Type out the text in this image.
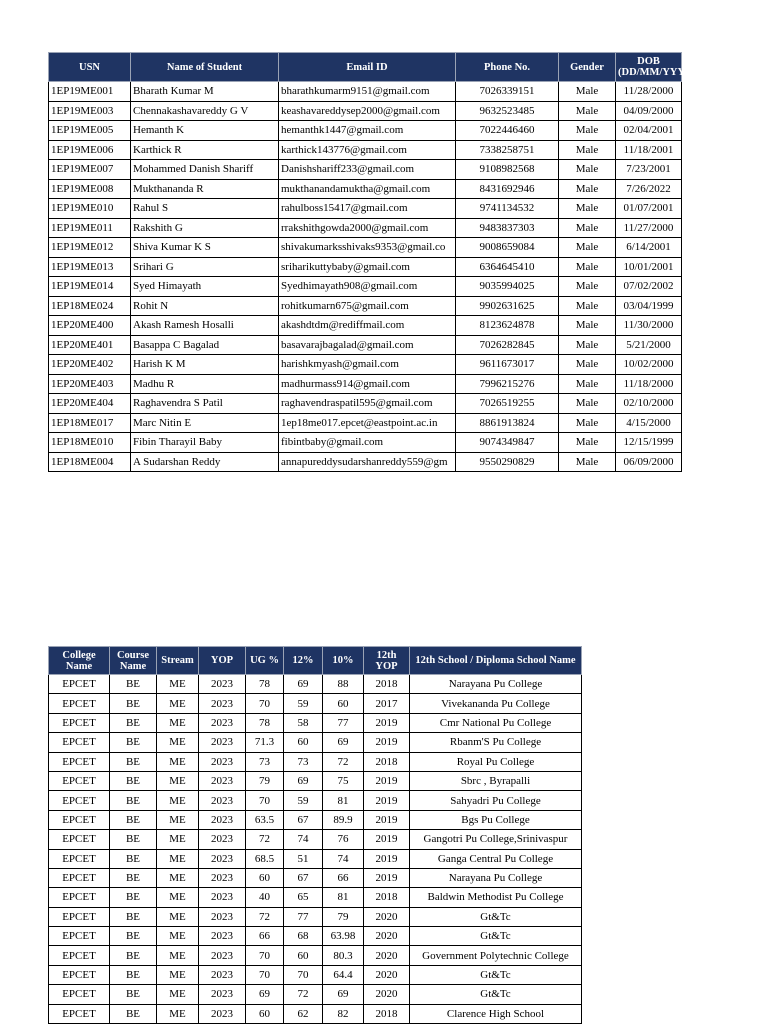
USN	Name of Student	Email ID	Phone No.	Gender	DOB (DD/MM/YYYY)
1EP19ME001	Bharath Kumar M	bharathkumarm9151@gmail.com	7026339151	Male	11/28/2000
1EP19ME003	Chennakashavareddy G V	keashavareddysep2000@gmail.com	9632523485	Male	04/09/2000
1EP19ME005	Hemanth K	hemanthk1447@gmail.com	7022446460	Male	02/04/2001
1EP19ME006	Karthick R	karthick143776@gmail.com	7338258751	Male	11/18/2001
1EP19ME007	Mohammed Danish Shariff	Danishshariff233@gmail.com	9108982568	Male	7/23/2001
1EP19ME008	Mukthananda R	mukthanandamuktha@gmail.com	8431692946	Male	7/26/2022
1EP19ME010	Rahul S	rahulboss15417@gmail.com	9741134532	Male	01/07/2001
1EP19ME011	Rakshith G	rrakshithgowda2000@gmail.com	9483837303	Male	11/27/2000
1EP19ME012	Shiva Kumar K S	shivakumarksshivaks9353@gmail.co	9008659084	Male	6/14/2001
1EP19ME013	Srihari G	sriharikuttybaby@gmail.com	6364645410	Male	10/01/2001
1EP19ME014	Syed Himayath	Syedhimayath908@gmail.com	9035994025	Male	07/02/2002
1EP18ME024	Rohit N	rohitkumarn675@gmail.com	9902631625	Male	03/04/1999
1EP20ME400	Akash Ramesh Hosalli	akashdtdm@rediffmail.com	8123624878	Male	11/30/2000
1EP20ME401	Basappa C Bagalad	basavarajbagalad@gmail.com	7026282845	Male	5/21/2000
1EP20ME402	Harish K M	harishkmyash@gmail.com	9611673017	Male	10/02/2000
1EP20ME403	Madhu R	madhurmass914@gmail.com	7996215276	Male	11/18/2000
1EP20ME404	Raghavendra S Patil	raghavendraspatil595@gmail.com	7026519255	Male	02/10/2000
1EP18ME017	Marc Nitin E	1ep18me017.epcet@eastpoint.ac.in	8861913824	Male	4/15/2000
1EP18ME010	Fibin Tharayil Baby	fibintbaby@gmail.com	9074349847	Male	12/15/1999
1EP18ME004	A Sudarshan Reddy	annapureddysudarshanreddy559@gm	9550290829	Male	06/09/2000
College Name	Course Name	Stream	YOP	UG %	12%	10%	12th YOP	12th School / Diploma School Name
EPCET	BE	ME	2023	78	69	88	2018	Narayana Pu College
EPCET	BE	ME	2023	70	59	60	2017	Vivekananda Pu College
EPCET	BE	ME	2023	78	58	77	2019	Cmr National Pu College
EPCET	BE	ME	2023	71.3	60	69	2019	Rbanm'S Pu College
EPCET	BE	ME	2023	73	73	72	2018	Royal Pu College
EPCET	BE	ME	2023	79	69	75	2019	Sbrc , Byrapalli
EPCET	BE	ME	2023	70	59	81	2019	Sahyadri Pu College
EPCET	BE	ME	2023	63.5	67	89.9	2019	Bgs Pu College
EPCET	BE	ME	2023	72	74	76	2019	Gangotri Pu College,Srinivaspur
EPCET	BE	ME	2023	68.5	51	74	2019	Ganga Central Pu College
EPCET	BE	ME	2023	60	67	66	2019	Narayana Pu College
EPCET	BE	ME	2023	40	65	81	2018	Baldwin Methodist Pu College
EPCET	BE	ME	2023	72	77	79	2020	Gt&Tc
EPCET	BE	ME	2023	66	68	63.98	2020	Gt&Tc
EPCET	BE	ME	2023	70	60	80.3	2020	Government Polytechnic College
EPCET	BE	ME	2023	70	70	64.4	2020	Gt&Tc
EPCET	BE	ME	2023	69	72	69	2020	Gt&Tc
EPCET	BE	ME	2023	60	62	82	2018	Clarence High School
